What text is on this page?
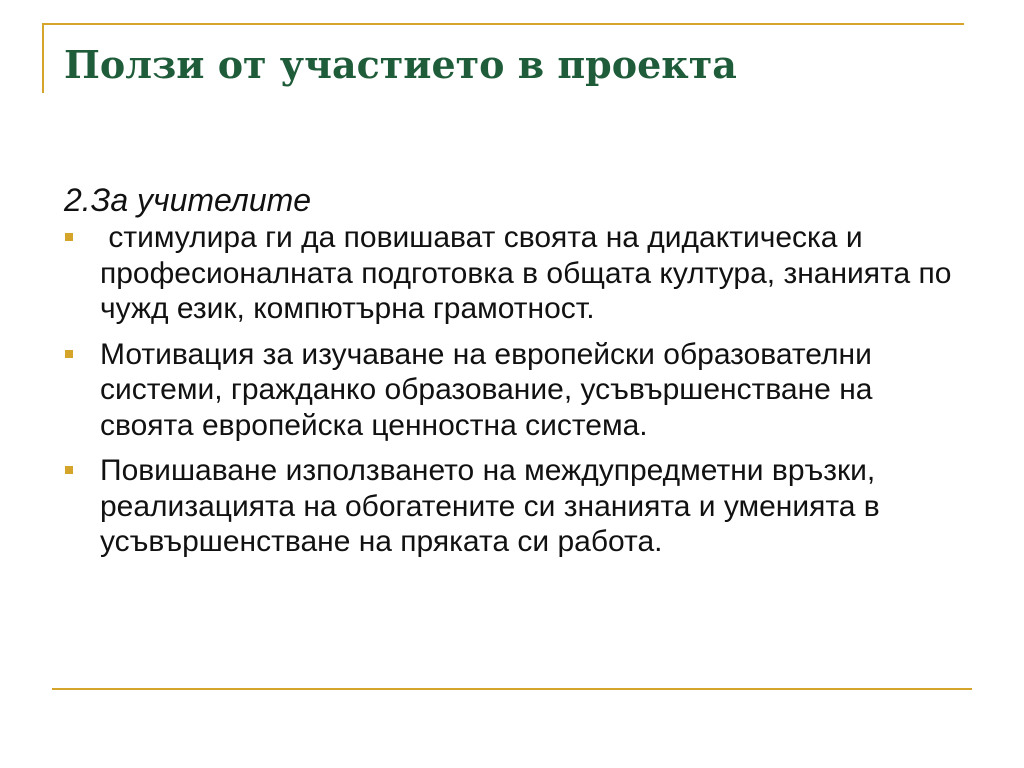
Ползи от участието в проекта

2.За учителите

стимулира ги да повишават своята на дидактическа и  професионалната подготовка в общата култура, знанията по чужд език, компютърна грамотност.
Мотивация за изучаване на европейски образователни системи, гражданко образование, усъвършенстване на своята европейска ценностна система.
Повишаване използването на междупредметни връзки, реализацията на обогатените си знанията и уменията в усъвършенстване на пряката си работа.
